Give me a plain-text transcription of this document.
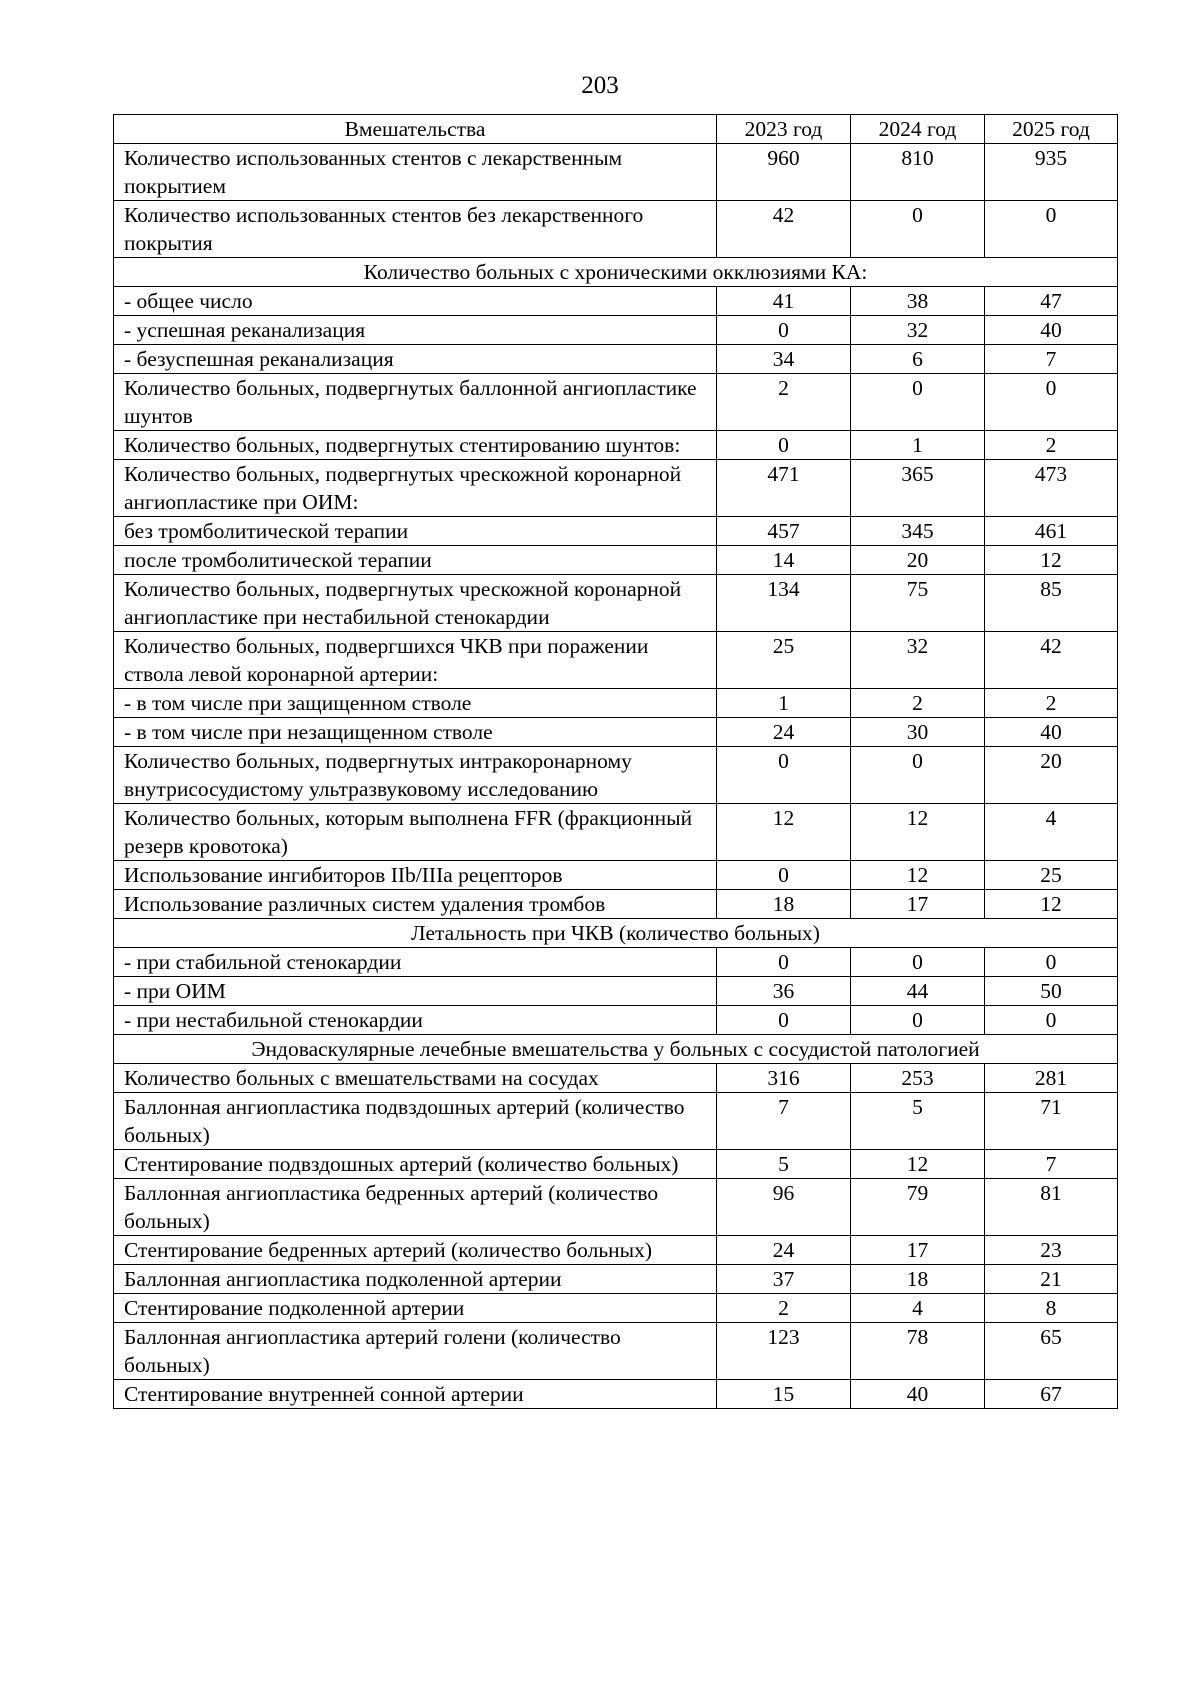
203
Вмешательства	2023 год	2024 год	2025 год
Количество использованных стентов с лекарственным покрытием	960	810	935
Количество использованных стентов без лекарственного покрытия	42	0	0
Количество больных с хроническими окклюзиями КА:			
- общее число	41	38	47
- успешная реканализация	0	32	40
- безуспешная реканализация	34	6	7
Количество больных, подвергнутых баллонной ангиопластике шунтов	2	0	0
Количество больных, подвергнутых стентированию шунтов:	0	1	2
Количество больных, подвергнутых чрескожной коронарной ангиопластике при ОИМ:	471	365	473
без тромболитической терапии	457	345	461
после тромболитической терапии	14	20	12
Количество больных, подвергнутых чрескожной коронарной ангиопластике при нестабильной стенокардии	134	75	85
Количество больных, подвергшихся ЧКВ при поражении ствола левой коронарной артерии:	25	32	42
- в том числе при защищенном стволе	1	2	2
- в том числе при незащищенном стволе	24	30	40
Количество больных, подвергнутых интракоронарному внутрисосудистому ультразвуковому исследованию	0	0	20
Количество больных, которым выполнена FFR (фракционный резерв кровотока)	12	12	4
Использование ингибиторов IIb/IIIa рецепторов	0	12	25
Использование различных систем удаления тромбов	18	17	12
Летальность при ЧКВ (количество больных)			
- при стабильной стенокардии	0	0	0
- при ОИМ	36	44	50
- при нестабильной стенокардии	0	0	0
Эндоваскулярные лечебные вмешательства у больных с сосудистой патологией			
Количество больных с вмешательствами на сосудах	316	253	281
Баллонная ангиопластика подвздошных артерий (количество больных)	7	5	71
Стентирование подвздошных артерий (количество больных)	5	12	7
Баллонная ангиопластика бедренных артерий (количество больных)	96	79	81
Стентирование бедренных артерий (количество больных)	24	17	23
Баллонная ангиопластика подколенной артерии	37	18	21
Стентирование подколенной артерии	2	4	8
Баллонная ангиопластика артерий голени (количество больных)	123	78	65
Стентирование внутренней сонной артерии	15	40	67
